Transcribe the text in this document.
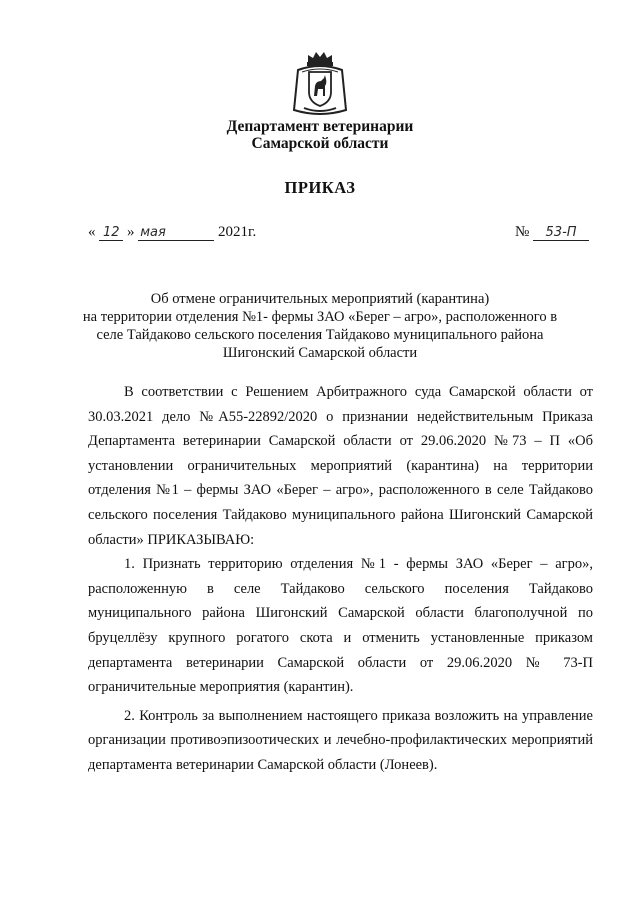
Департамент ветеринарии
Самарской области
ПРИКАЗ
« 12 » мая	2021г.	№ 53-П
Об отмене ограничительных мероприятий (карантина)
на территории отделения №1- фермы ЗАО «Берег – агро», расположенного в
селе Тайдаково сельского поселения Тайдаково муниципального района
Шигонский Самарской области

В соответствии с Решением Арбитражного суда Самарской области от 30.03.2021 дело №А55-22892/2020 о признании недействительным Приказа Департамента ветеринарии Самарской области от 29.06.2020 №73 – П «Об установлении ограничительных мероприятий (карантина) на территории отделения №1 – фермы ЗАО «Берег – агро», расположенного в селе Тайдаково сельского поселения Тайдаково муниципального района Шигонский Самарской области» ПРИКАЗЫВАЮ:

1. Признать территорию отделения №1 - фермы ЗАО «Берег – агро», расположенную в селе Тайдаково сельского поселения Тайдаково муниципального района Шигонский Самарской области благополучной по бруцеллёзу крупного рогатого скота и отменить установленные приказом департамента ветеринарии Самарской области от 29.06.2020 № 73-П ограничительные мероприятия (карантин).

2. Контроль за выполнением настоящего приказа возложить на управление организации противоэпизоотических и лечебно-профилактических мероприятий департамента ветеринарии Самарской области (Лонеев).
